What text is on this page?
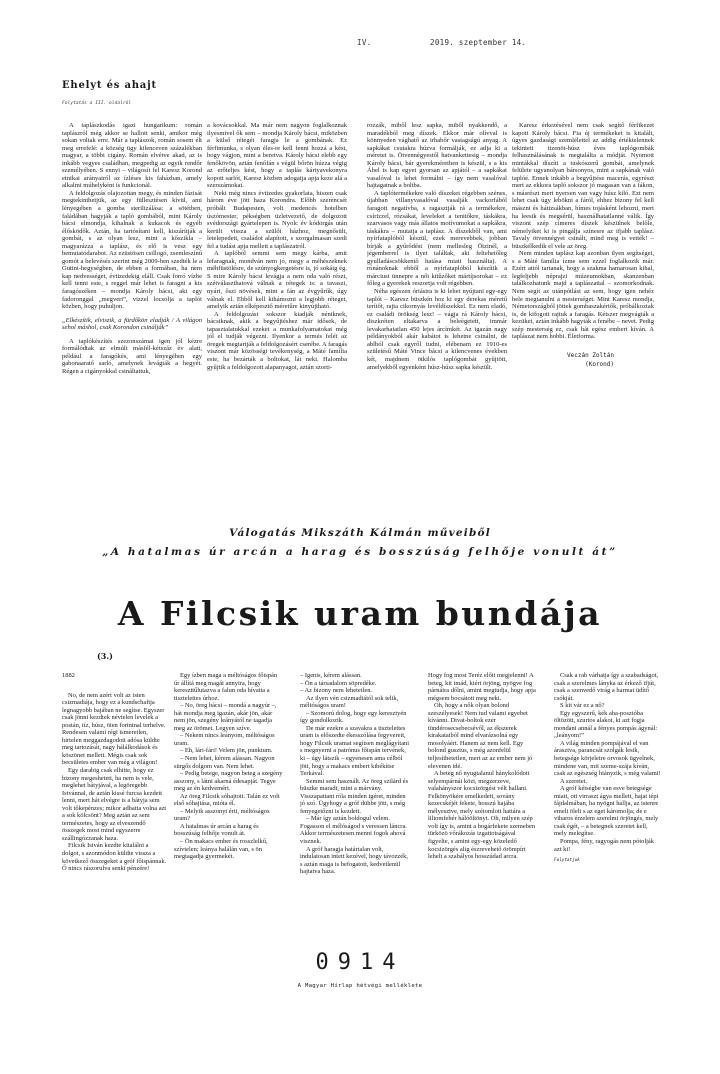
IV.	2019. szeptember 14.
Ehelyt és ahajt
Folytatás a III. oldalról

A taplászkodás igazi hungarikum: román taplászról még akkor se hallott senki, amikor még sokan voltak erre. Már a taplászok, román sosem élt meg errefelé: a község ügy kilenceven százalékban magyar, a többi cigány. Román elvétve akad, az is inkább vegyes családban, megpedig az egyik rendőr személyében. S ennyi – világosít fel Karesz Korond etnikai arányairól az ízléses kis faházban, amely alkalmi múhelyként is funkcionál.

A feldolgozás olajozottan megy, és minden fázisát megtekinthetjük, az egy füllesztésen kívül, ami lényegében a gomba sterilizálása: a sötétben, faládában hagyják a tapló gombából, mint Károly bácsi elmondja, kihalnak a kukacok és egyéb élősködők. Aztán, ha tartósítani kell, kiszárítják a gombát, s az olyan lesz, mint a kőszikla – magyarázza a taplász, és elő is vesz egy bemutatódarabot. Az ezüstösen csillogó, zsemleszínű gomót a belevésés szerint még 2009-ben szedték le a Gutini-hegységben, de ebben a formában, ha nem kap nedvességet, évtizedekig eláll. Csak forró vízbe kell tenni este, s reggel már lehet is faragni a kis faragószéken – mondja Károly bácsi, aki egy fadoronggal „megveri”, vizzel locsolja a taplót közben, hogy puhuljon.

„Elkészítik, elviszik, a fürdőkön eladják / A világon sehol máshol, csak Korondon csinálják”

A taplókészítés szezonszámai igen jól kézre formálódtak az elmúlt másfél-kétszáz év alatt, például a faragókés, ami lényegében egy gabonaaratő sarló, amelynek levágták a hegyét. Régen a cigányokkal csináltattuk,

a kovácsokkal. Ma már nem nagyon foglalkoznak ilyesmivel ők sem – mondja Károly bácsi, miközben a külső rétegét faragja le a gombának. Ez férfimunka, s olyan éles-re kell fenni hozzá a kést, hogy vágjon, mint a beretva. Károly bácsi elebb egy fenőkövön, aztán fenőfán s végül bőrön húzza végig az erőteljes kést, hogy a taplás kártyavekonyra kopott sarlót, Karesz közben adogatja apja keze alá a szerszámokat.

Neki még nincs évtizedes gyakorlata, hiszen csak három éve jött haza Korondra. Előbb szerencsét próbált Budapesten, volt medencés hotelben úszómester, pékségben üzletvezető, de dolgozott svédországi gyártelepen is. Nyolc év kódorgás után került vissza a szülői házhoz, megnősült, letelepedett, családot alapított, s szorgalmasan szedi fel a tudást apja mellett a taplászatról.

A taplóból semmi sem megy kárba, amit lefaragnak, mondván nem jó, megy a méhészeknek méhfüstölésre, de szúnyogkergetésre is, jó sokáig ég. S mire Károly bácsi levágja a nem oda való részt, szétválaszthatová válnak a rétegek is: a tavaszi, nyári, őszi növések, mint a fán az évgyűrűk, úgy válnak el. Ebből kell kihámozni a legjobb réteget, amelyik aztán elképesztő méretűre kinyújtható.

A feldolgozást sokszor kiadják néniknek, bácsiknak, akik a begyűjtéshez már idősek, de tapasztalatukkal ezeket a munkafolyamatokat még jól el tudják végezni. Ilyenkor a termés felét az öregek megtartják a feldolgozásért cserébe. A faragás viszont már közösségi tevékenység, a Máté família este, ha bezárták a boltokat, lát neki. Halomba gyűjtik a feldolgozott alapanyagot, aztán szorti-

rozzák, miből lesz sapka, miből nyakkendő, a maradékból meg díszek. Ekkor már olívval is könnyeden vághatő az irhabőr vastagságú anyag. A sapkákat csutakra húzva formálják, ez adja ki a méretet is. Ötvennégyestől hatvankettesig – mondja Károly bácsi, bár gyerekméretben is készül, s a kis Ábel is kap egyet gyorsan az apjától – a sapkákat vasalóval is lehet formálni – így nem vasalóval hajtagatnak a boltba.

A taplótermékekre való díszeket régebben szénes, újabban villanyvasalóval vasalják vackorfából faragott negatívba, s ragasztják rá a termékekre, csírizzel, rózsákat, leveleket a tenitőkre, táskákra, szarvasos vagy más állatos motívumokat a sapkákra, táskákra – mutatja a taplász. A díszekből van, ami nyírfataplóból készül, ezek merevebbek, jobban bírják a gyűrődést (nem mellesleg Ötzinél, a jégemberrel is ilyet találtak, aki feltehetőleg gyulladáscsökkentő hatása miatt használta). A rónánoknak ebből a nyírfataplóból készítik a márciusi ünnepre a női kitűzőket mártíjsorokat – ez főleg a gyerekek reszortja volt régebben.

Néha egészen óriásira is ki lehet nyújtani egy-egy taplót – Karesz büszkén hoz ki egy derekas méretű terítőt, rajta cikornyás levéldíszekkel. Ez nem eladó, ez családi örökség lesz! – vágja rá Károly bácsi, diszkréten eltakarva a beleégetett, immár levakarhatatlan 450 lejes árcímkét. Az igazán nagy példányokból akár kabátot is lehetne csinálni, de ablból csak egyről tudni, elébenam ez 1910-es születésű Máté Vince bácsi a kilencvenes években két, majdnem ötkilós taplógombát gyűjtött, amelyekből egyenként húsz-húsz sapka készült.

Karesz érkezésével nem csak segítő férfikezet kapott Károly bácsi. Fia új termékeket is kitalált, úgyes gazdasági szemlélettel az addig értéktelennek tekintett tizenöt-húsz éves taplógombák felhasználásának is megtalálta a módját. Nyomott mintákkal díszíti a tuskószerű gombát, amelynek felülete ugyanolyan bársonyos, mint a sapkának való taplóé. Ennek inkább a begyűjtése macerás, egyrészt mert az ekkora tapló sokszor jó magasan van a fákon, s másrészt mert nyersen van vagy húsz kiló. Ezt nem lehet csak úgy lebökni a fáról, ehhez bizony fel kell mászni és hátizsákban, hímes tojásként lehozni, mert ha leesik és megsérül, használhatatlanné válik. Így viszont szép címeres díszek készülnek belőle, némelyiket ki is pingálja színesre az ifjabb taplász. Tavaly ötvennégyet csinált, mind meg is vették! – büszkélkedik el vele az öreg.

Nem minden taplász kap azonban ilyen segítséget, s a Máté família ízme sem ezzel foglalkozik már. Ezért attól tartanak, hogy a szakma hamarosan kihal, legfeljebb néprajzi múzeumokban, skanzenban találkozhatunk majd a taplászattal – szomorkodnak. Nem segít az utánpótlást az sem, hogy igen nehéz bele megtanulni a mesterséget. Mint Karesz mondja, Németországból jöttek gombaszakértők, próbálkoztak is, de kifogott rajtuk a faragás. Kétszer megvágták a kezüket, aztán inkább hagyták a fenébe – nevet. Pedig szép mesterség ez, csak hát egész embert kíván. A taplászat nem hobbi. Életforma.

Veczán Zoltán
(Korond)
Válogatás Mikszáth Kálmán műveiből
„A hatalmas úr arcán a harag és bosszúság felhője vonult át”
A Filcsik uram bundája
(3.)

1882

No, de nem azért volt az isten csizmadiája, hogy ez a kundschaftja legnagyobb bajában ne segítse. Egyszer csak jönni kezdtek névtelen levelek a postán, tíz, húsz, öten forintnal terhelve. Rendesen valami régi ismeretlen, hirtelen meggazdagodott adósa küldte meg tartozását, nagy hálálkodások és köszönet mellett. Mégis csak sok becsületes ember van még a világon!

Egy darabig csak elhitte, hogy ez bizony megeshetett, ha nem is vele, meglehet bátyjával, a legöregebb Istvánnal, de aztán kissé furcsa kezdett lenni, mert hát elvégre is a bátyja sem volt tőkepénzes; mikor adhatta volna azt a sok kölcsönt? Meg aztán az sem természetes, hogy az elveszendő összegek most mind egyszerre szállingózzanak haza.

Filcsik István kezdte kitalálni a dolgot, s azonmódon küldte vissza a következő összegeket a gróf főispánnak. Ő nincs rászorulva senki pénzére!

Egy ízben maga a méltóságos főispán úr állítá meg magát annyira, hogy kereszttűlutazva a falun oda hívatta a tisztelettes úrhoz.

– No, öreg bácsi – mondá a nagyúr –, hát mondja meg igazán, akár jön, akár nem jön, szegény leányától ne tagadja meg az örömet. Legyen szíve.

– Nekem nincs leányom, méltóságos uram.

– Eh, lári-fári! Velem jön, punktum.

– Nem lehet, kérem alássan. Nagyon sürgős dolgom van. Nem lehet.

– Pedig betege, nagyon beteg a szegény asszony, s látni akarná édesapját. Tegye meg az én kedvemért.

Az öreg Filcsik sóhajtott. Talán ez volt első sóhajtása, mióta él.

– Melyik asszonyt érti, méltóságos uram?

A hatalmas úr arcán a harag és bosszúság felhője vonult át.

– Ön makacs ember és rosszlelkű, szívtelen; leánya halálán van, s ön megtagadja gyermekét.

– Igenis, kérem alássan.

– Ön a társadalom söpredéke.

– Az bizony nem lehetetlen.

Az ilyen vén csizmadiától sok telik, méltóságos uram!

– Szomorú dolog, hogy egy keresztyén így gondolkozik.

De már ezekre a szavakra a tisztelettes uram is előszedte ékesszólása fegyvereit, hogy Filcsik uramat segítsen meglágyítani s megnyerni a patrónus főispán tervének, ki – úgy látszik – egyenesen ama célból jött, hogy a makacs embert kibékítse Terkával.

Semmi sem használt. Az öreg szilárd és büszke maradt, mint a márvány. Visszapattant róla minden igéret, minden jó szó. Ügyhogy a gróf dühbe jött, s még fenyegetőzni is kezdett.

– Már így aztán boldogul velem. Fogasson el mélóságod s veressen láncra. Akkor természetesen menni fogok ahová visznek.

A gróf haragja határtalan volt, indulatosan intett kezével, hogy távozzék, s aztán maga is befogatott, kedvetlenül hajtatva haza.

Hogy fog most Teréz előtt megjelenni! A beteg, kit imád, kiért örjöng, nyögve fog párnáira dőlni, amint megtudja, hogy apja mégsem bocsátott meg neki.

Oh, hogy a nők olyan bolond szeszélyesek! Nem tud valami egyebet kívánni. Divat-boltok ezer tündérosecsebecsévől, az ékszerek kirakataiból mind elvarázsolná egy mosolyáért. Hanem az nem kell. Egy bolond gusztus, s még azonfelül teljesíthetetlen, mert az az ember nem jó elevenen idé.

A beteg nő nyugtalanul hánykolódott selyempárnái közt, megzerzeve, valahányszor kocsizörgést vélt hallani. Felkönyökére emelkedett, sovány kezecskéjét fekete, hosszú hajába mélyesztve, mely szétomlott hattára a liliomfehér hálóöltönyt. Oh, milyen szép volt így is, amint a bogárfekete szemeben türközö vőrákozás izgattotságával figyelte, s amint egy-egy közeledő kocsizörgés alig észrevehető örömpírt lehelt a szabályos hosszúdad arcra.

Csak a rab várhatja így a szabadságot, csak a szerelmes lányka az érkező ifjút, csak a szenvedő virág a harmat üdítő csókját.

S kit vár ez a nő?

Egy egyszerű, kék aba-posztóba öltözött, szurtos alakot, ki azt fogja mondani annál a fényes pompás ágynál: „leányom!”

A világ minden pompájával el van árasztva, parancsát szolgák lesik, betegsége körjeleire orvosok ügyelnek, mindene van, mit szeme-szája kíván, csak az egészség hiányzik, s még valami!

A szeretet.

A gróf kétségbe van esve betegsége miatt, ott virraszt ágya mellett, hajat tépi fájdalmában, ha nyögni hallja, az istenre emeli ölelt s az eget káromolja; de e viharos érzelem szerelmi örjöngés, mely csak égét, – a betegnek szeretet kell, mely melegítse.

Pompa, fény, ragyogás nem pótolják azt ki!

Folytatjuk

0914
A Magyar Hírlap hétvégi melléklete
